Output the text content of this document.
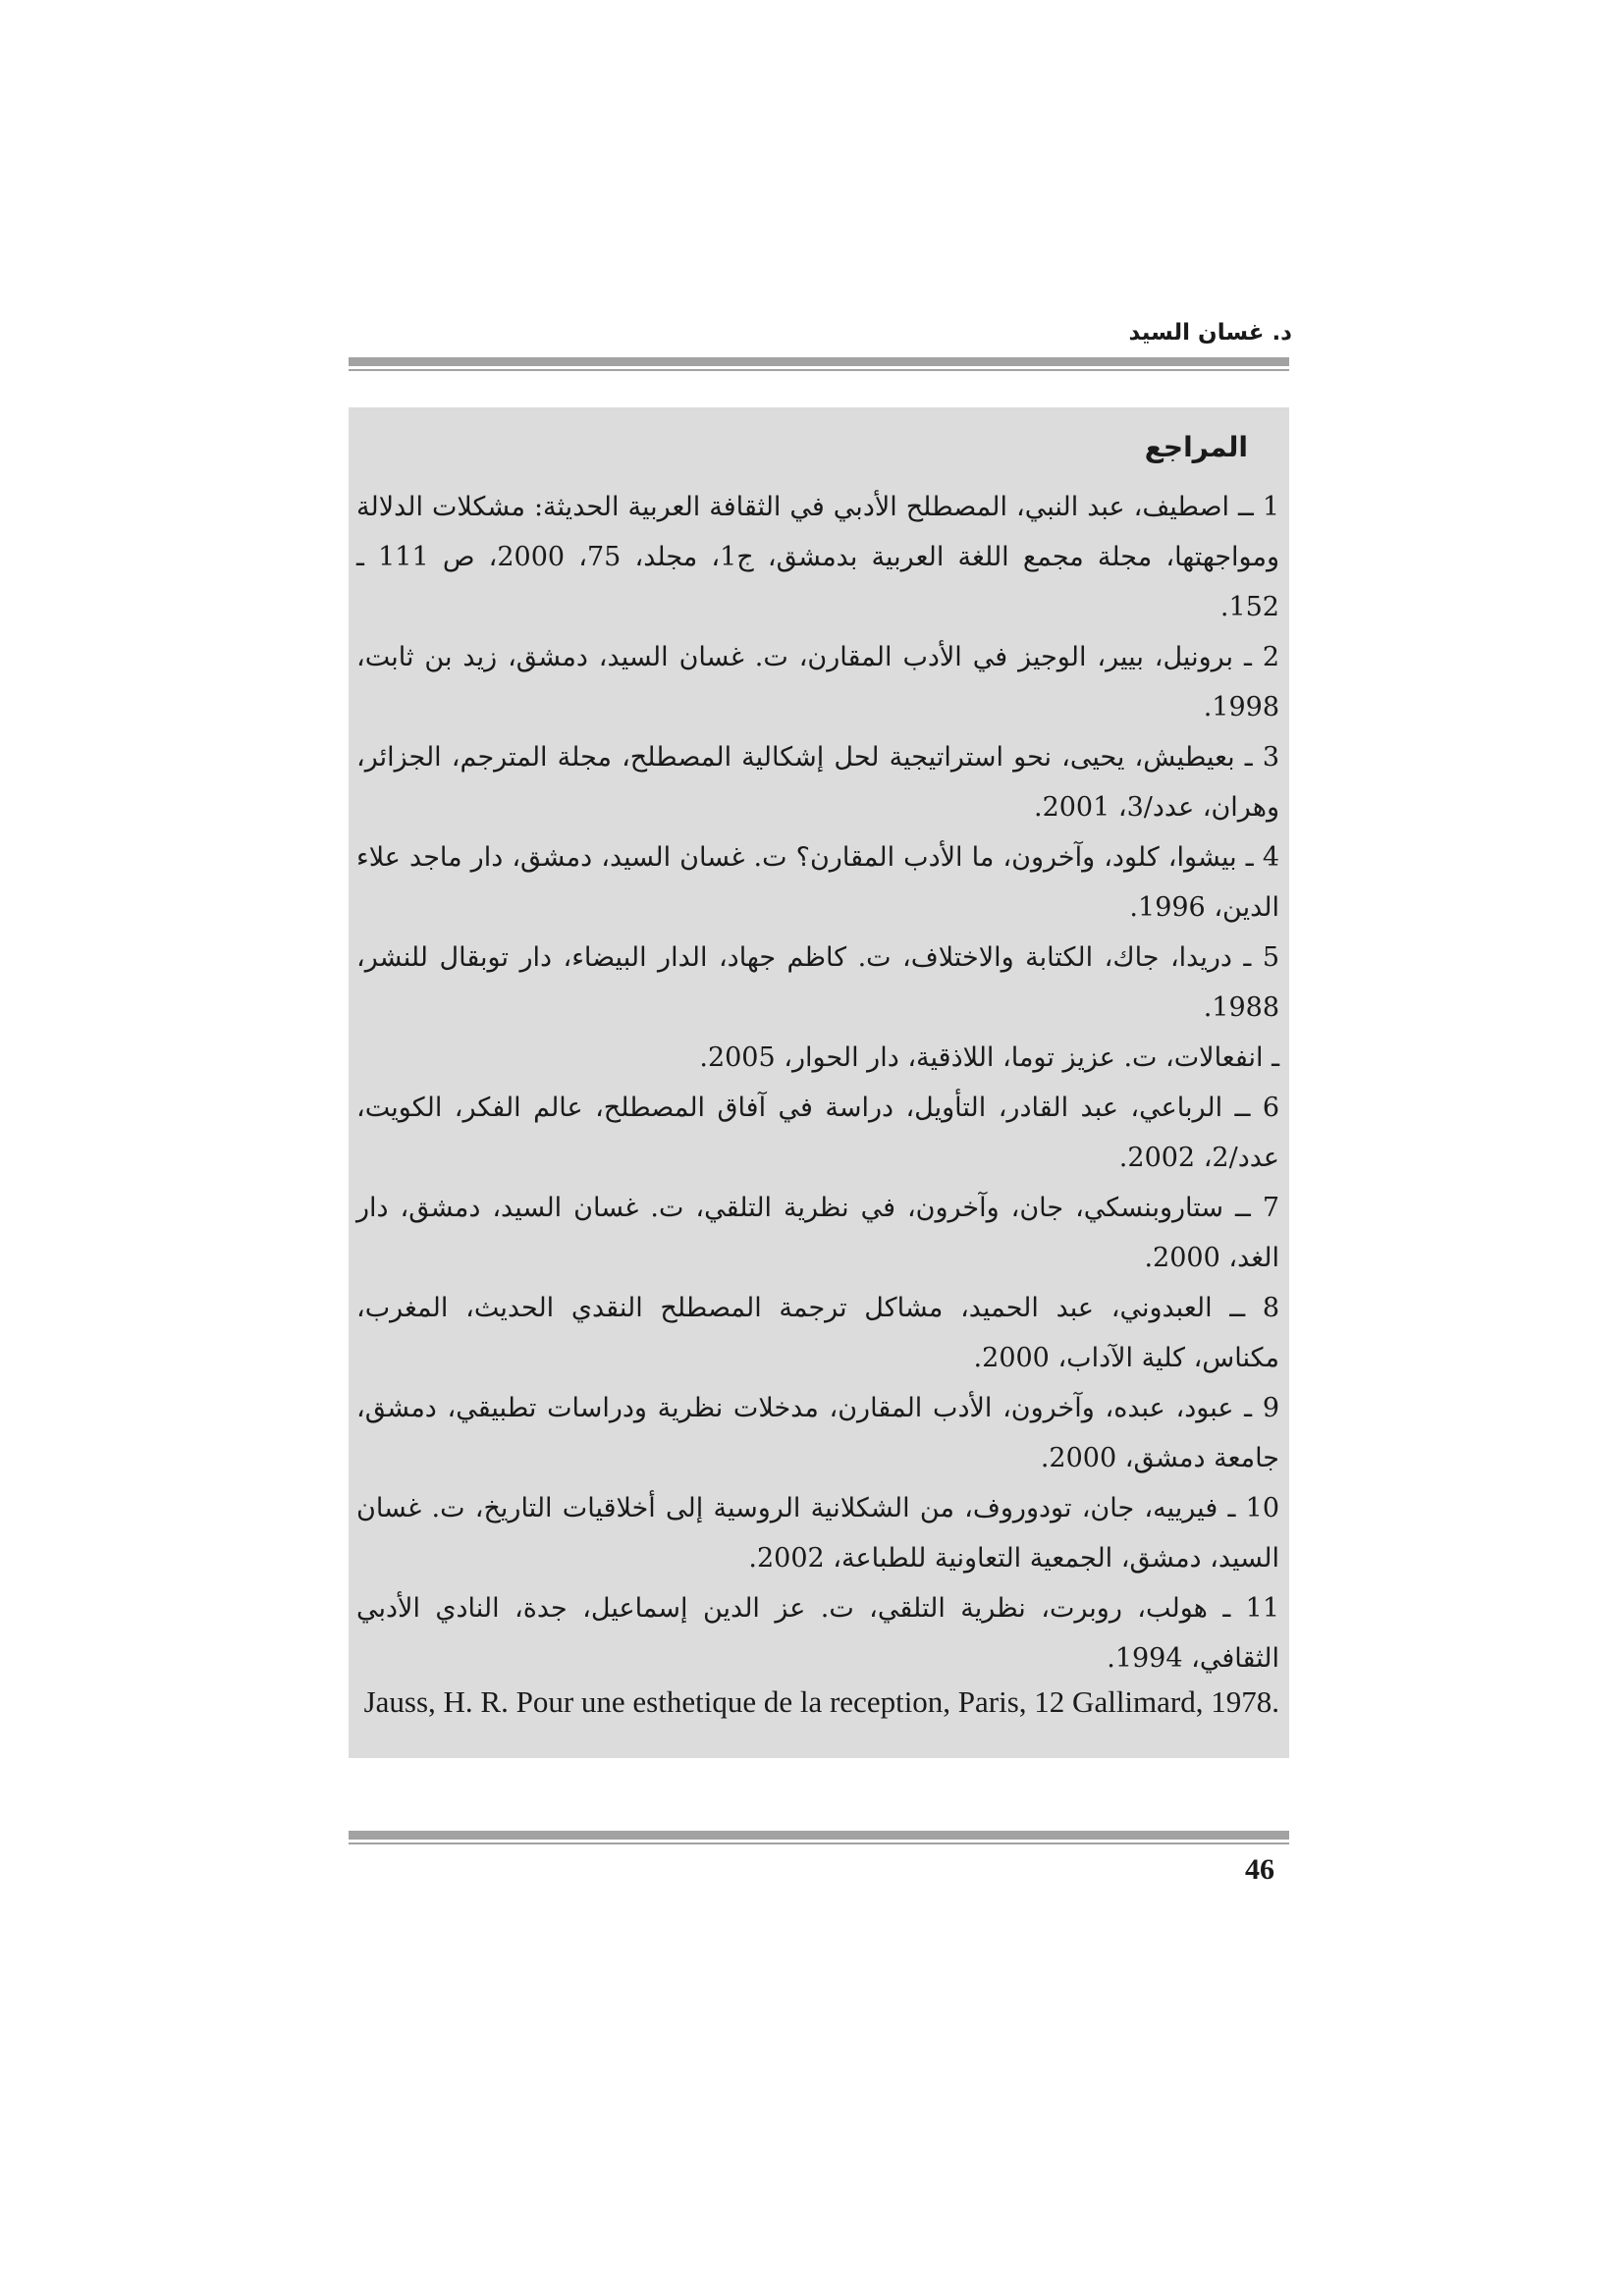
د. غسان السيد

المراجع
1 ــ اصطيف، عبد النبي، المصطلح الأدبي في الثقافة العربية الحديثة: مشكلات الدلالة ومواجهتها، مجلة مجمع اللغة العربية بدمشق، ج1، مجلد، 75، 2000، ص 111 ـ 152.
2 ـ برونيل، بيير، الوجيز في الأدب المقارن، ت. غسان السيد، دمشق، زيد بن ثابت، 1998.
3 ـ بعيطيش، يحيى، نحو استراتيجية لحل إشكالية المصطلح، مجلة المترجم، الجزائر، وهران، عدد/3، 2001.
4 ـ بيشوا، كلود، وآخرون، ما الأدب المقارن؟ ت. غسان السيد، دمشق، دار ماجد علاء الدين، 1996.
5 ـ دريدا، جاك، الكتابة والاختلاف، ت. كاظم جهاد، الدار البيضاء، دار توبقال للنشر، 1988.
ـ انفعالات، ت. عزيز توما، اللاذقية، دار الحوار، 2005.
6 ــ الرباعي، عبد القادر، التأويل، دراسة في آفاق المصطلح، عالم الفكر، الكويت، عدد/2، 2002.
7 ــ ستاروبنسكي، جان، وآخرون، في نظرية التلقي، ت. غسان السيد، دمشق، دار الغد، 2000.
8 ــ العبدوني، عبد الحميد، مشاكل ترجمة المصطلح النقدي الحديث، المغرب، مكناس، كلية الآداب، 2000.
9 ـ عبود، عبده، وآخرون، الأدب المقارن، مدخلات نظرية ودراسات تطبيقي، دمشق، جامعة دمشق، 2000.
10 ـ فيرييه، جان، تودوروف، من الشكلانية الروسية إلى أخلاقيات التاريخ، ت. غسان السيد، دمشق، الجمعية التعاونية للطباعة، 2002.
11 ـ هولب، روبرت، نظرية التلقي، ت. عز الدين إسماعيل، جدة، النادي الأدبي الثقافي، 1994.
Jauss, H. R. Pour une esthetique de la reception, Paris, 12 Gallimard, 1978.

46
